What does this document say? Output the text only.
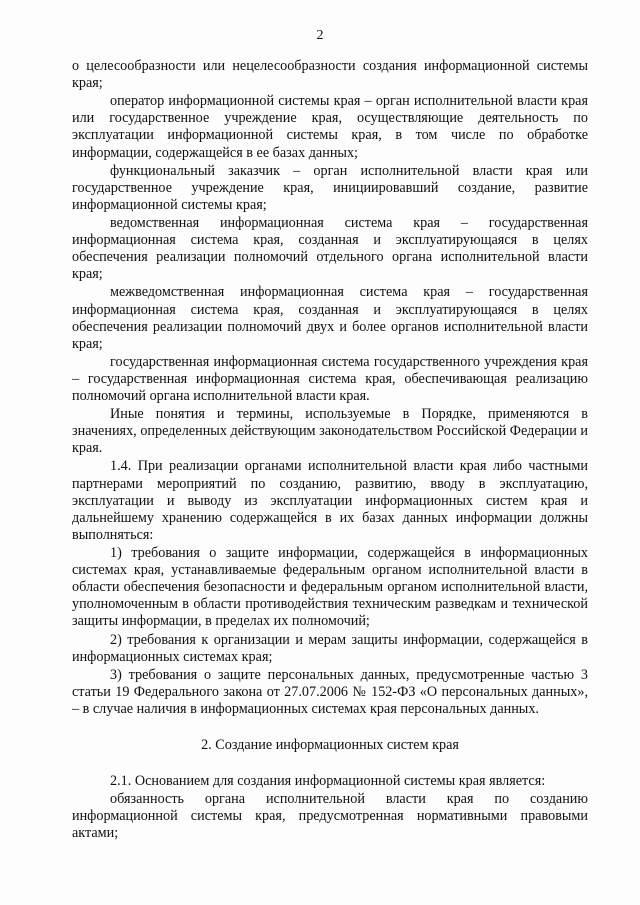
2

о целесообразности или нецелесообразности создания информационной системы края;

оператор информационной системы края – орган исполнительной власти края или государственное учреждение края, осуществляющие деятельность по эксплуатации информационной системы края, в том числе по обработке информации, содержащейся в ее базах данных;

функциональный заказчик – орган исполнительной власти края или государственное учреждение края, инициировавший создание, развитие информационной системы края;

ведомственная информационная система края – государственная информационная система края, созданная и эксплуатирующаяся в целях обеспечения реализации полномочий отдельного органа исполнительной власти края;

межведомственная информационная система края – государственная информационная система края, созданная и эксплуатирующаяся в целях обеспечения реализации полномочий двух и более органов исполнительной власти края;

государственная информационная система государственного учреждения края – государственная информационная система края, обеспечивающая реализацию полномочий органа исполнительной власти края.

Иные понятия и термины, используемые в Порядке, применяются в значениях, определенных действующим законодательством Российской Федерации и края.

1.4. При реализации органами исполнительной власти края либо частными партнерами мероприятий по созданию, развитию, вводу в эксплуатацию, эксплуатации и выводу из эксплуатации информационных систем края и дальнейшему хранению содержащейся в их базах данных информации должны выполняться:

1) требования о защите информации, содержащейся в информационных системах края, устанавливаемые федеральным органом исполнительной власти в области обеспечения безопасности и федеральным органом исполнительной власти, уполномоченным в области противодействия техническим разведкам и технической защиты информации, в пределах их полномочий;

2) требования к организации и мерам защиты информации, содержащейся в информационных системах края;

3) требования о защите персональных данных, предусмотренные частью 3 статьи 19 Федерального закона от 27.07.2006 № 152-ФЗ «О персональных данных», – в случае наличия в информационных системах края персональных данных.

2. Создание информационных систем края

2.1. Основанием для создания информационной системы края является:

обязанность органа исполнительной власти края по созданию информационной системы края, предусмотренная нормативными правовыми актами;
